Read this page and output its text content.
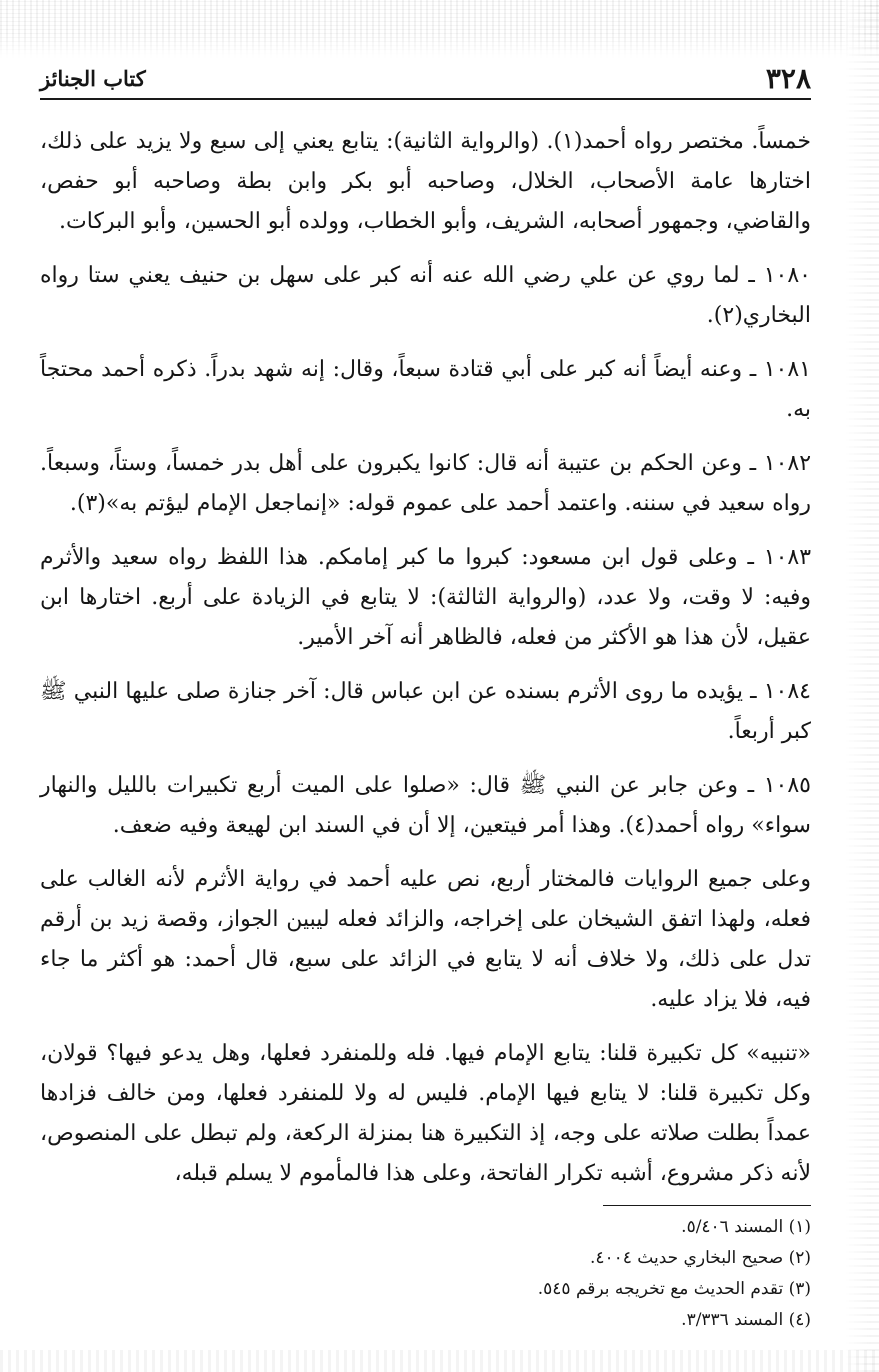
٣٢٨
كتاب الجنائز

خمساً. مختصر رواه أحمد(١). (والرواية الثانية): يتابع يعني إلى سبع ولا يزيد على ذلك، اختارها عامة الأصحاب، الخلال، وصاحبه أبو بكر وابن بطة وصاحبه أبو حفص، والقاضي، وجمهور أصحابه، الشريف، وأبو الخطاب، وولده أبو الحسين، وأبو البركات.

١٠٨٠ ـ لما روي عن علي رضي الله عنه أنه كبر على سهل بن حنيف يعني ستا رواه البخاري(٢).

١٠٨١ ـ وعنه أيضاً أنه كبر على أبي قتادة سبعاً، وقال: إنه شهد بدراً. ذكره أحمد محتجاً به.

١٠٨٢ ـ وعن الحكم بن عتيبة أنه قال: كانوا يكبرون على أهل بدر خمساً، وستاً، وسبعاً. رواه سعيد في سننه. واعتمد أحمد على عموم قوله: «إنماجعل الإمام ليؤتم به»(٣).

١٠٨٣ ـ وعلى قول ابن مسعود: كبروا ما كبر إمامكم. هذا اللفظ رواه سعيد والأثرم وفيه: لا وقت، ولا عدد، (والرواية الثالثة): لا يتابع في الزيادة على أربع. اختارها ابن عقيل، لأن هذا هو الأكثر من فعله، فالظاهر أنه آخر الأمير.

١٠٨٤ ـ يؤيده ما روى الأثرم بسنده عن ابن عباس قال: آخر جنازة صلى عليها النبي ﷺ كبر أربعاً.

١٠٨٥ ـ وعن جابر عن النبي ﷺ قال: «صلوا على الميت أربع تكبيرات بالليل والنهار سواء» رواه أحمد(٤). وهذا أمر فيتعين، إلا أن في السند ابن لهيعة وفيه ضعف.

وعلى جميع الروايات فالمختار أربع، نص عليه أحمد في رواية الأثرم لأنه الغالب على فعله، ولهذا اتفق الشيخان على إخراجه، والزائد فعله ليبين الجواز، وقصة زيد بن أرقم تدل على ذلك، ولا خلاف أنه لا يتابع في الزائد على سبع، قال أحمد: هو أكثر ما جاء فيه، فلا يزاد عليه.

«تنبيه» كل تكبيرة قلنا: يتابع الإمام فيها. فله وللمنفرد فعلها، وهل يدعو فيها؟ قولان، وكل تكبيرة قلنا: لا يتابع فيها الإمام. فليس له ولا للمنفرد فعلها، ومن خالف فزادها عمداً بطلت صلاته على وجه، إذ التكبيرة هنا بمنزلة الركعة، ولم تبطل على المنصوص، لأنه ذكر مشروع، أشبه تكرار الفاتحة، وعلى هذا فالمأموم لا يسلم قبله،

(١) المسند ٥/٤٠٦.
(٢) صحيح البخاري حديث ٤٠٠٤.
(٣) تقدم الحديث مع تخريجه برقم ٥٤٥.
(٤) المسند ٣/٣٣٦.
